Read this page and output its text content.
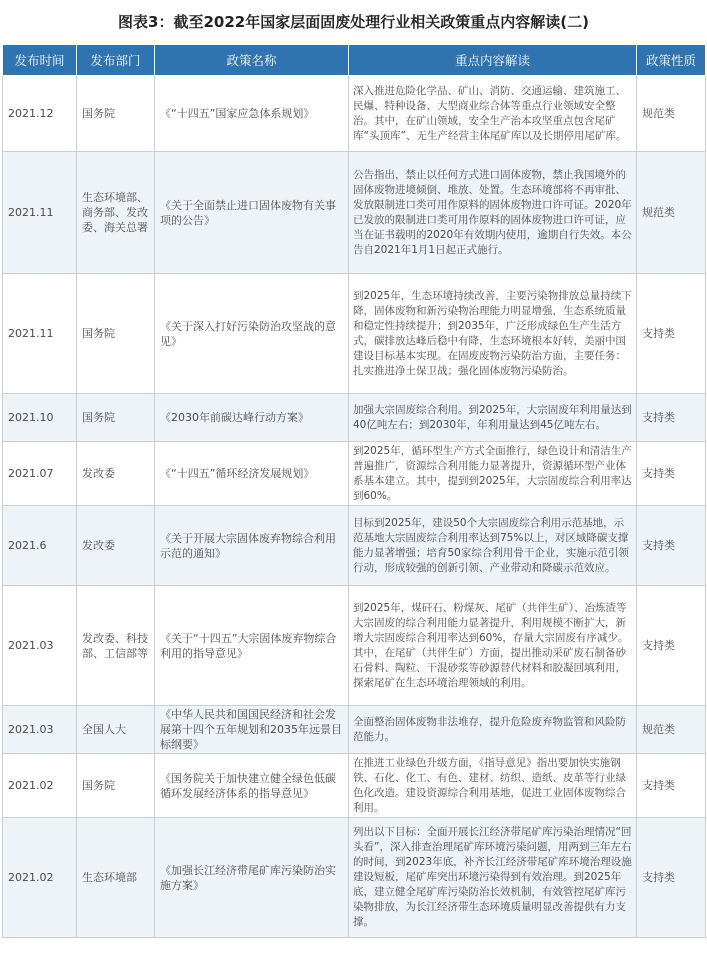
图表3：截至2022年国家层面固废处理行业相关政策重点内容解读(二)
发布时间	发布部门	政策名称	重点内容解读	政策性质
2021.12	国务院	《“十四五”国家应急体系规划》	深入推进危险化学品、矿山、消防、交通运输、建筑施工、民爆、特种设备、大型商业综合体等重点行业领域安全整治。其中，在矿山领域，安全生产治本攻坚重点包含尾矿库“头顶库”、无生产经营主体尾矿库以及长期停用尾矿库。	规范类
2021.11	生态环境部、商务部、发改委、海关总署	《关于全面禁止进口固体废物有关事项的公告》	公告指出，禁止以任何方式进口固体废物，禁止我国境外的固体废物进境倾倒、堆放、处置。生态环境部将不再审批、发放限制进口类可用作原料的固体废物进口许可证。2020年已发放的限制进口类可用作原料的固体废物进口许可证，应当在证书载明的2020年有效期内使用，逾期自行失效。本公告自2021年1月1日起正式施行。	规范类
2021.11	国务院	《关于深入打好污染防治攻坚战的意见》	到2025年，生态环境持续改善，主要污染物排放总量持续下降，固体废物和新污染物治理能力明显增强，生态系统质量和稳定性持续提升；到2035年，广泛形成绿色生产生活方式，碳排放达峰后稳中有降，生态环境根本好转，美丽中国建设目标基本实现。在固废废物污染防治方面，主要任务：扎实推进净土保卫战；强化固体废物污染防治。	支持类
2021.10	国务院	《2030年前碳达峰行动方案》	加强大宗固废综合利用。到2025年，大宗固废年利用量达到40亿吨左右；到2030年，年利用量达到45亿吨左右。	支持类
2021.07	发改委	《“十四五”循环经济发展规划》	到2025年，循环型生产方式全面推行，绿色设计和清洁生产普遍推广，资源综合利用能力显著提升，资源循环型产业体系基本建立。其中，提到到2025年，大宗固废综合利用率达到60%。	支持类
2021.6	发改委	《关于开展大宗固体废弃物综合利用示范的通知》	目标到2025年，建设50个大宗固废综合利用示范基地，示范基地大宗固废综合利用率达到75%以上，对区域降碳支撑能力显著增强；培育50家综合利用骨干企业，实施示范引领行动，形成较强的创新引领、产业带动和降碳示范效应。	支持类
2021.03	发改委、科技部、工信部等	《关于“十四五”大宗固体废弃物综合利用的指导意见》	到2025年，煤矸石、粉煤灰、尾矿（共伴生矿）、冶炼渣等大宗固废的综合利用能力显著提升，利用规模不断扩大，新增大宗固废综合利用率达到60%，存量大宗固废有序减少。其中，在尾矿（共伴生矿）方面，提出推动采矿废石制备砂石骨料、陶粒、干混砂浆等砂源替代材料和胶凝回填利用，探索尾矿在生态环境治理领域的利用。	支持类
2021.03	全国人大	《中华人民共和国国民经济和社会发展第十四个五年规划和2035年远景目标纲要》	全面整治固体废物非法堆存，提升危险废弃物监管和风险防范能力。	规范类
2021.02	国务院	《国务院关于加快建立健全绿色低碳循环发展经济体系的指导意见》	在推进工业绿色升级方面，《指导意见》指出要加快实施钢铁、石化、化工、有色、建材、纺织、造纸、皮革等行业绿色化改造。建设资源综合利用基地，促进工业固体废物综合利用。	支持类
2021.02	生态环境部	《加强长江经济带尾矿库污染防治实施方案》	列出以下目标：全面开展长江经济带尾矿库污染治理情况“回头看”，深入排查治理尾矿库环境污染问题，用两到三年左右的时间，到2023年底，补齐长江经济带尾矿库环境治理设施建设短板，尾矿库突出环境污染得到有效治理。到2025年底，建立健全尾矿库污染防治长效机制，有效管控尾矿库污染物排放，为长江经济带生态环境质量明显改善提供有力支撑。	支持类
